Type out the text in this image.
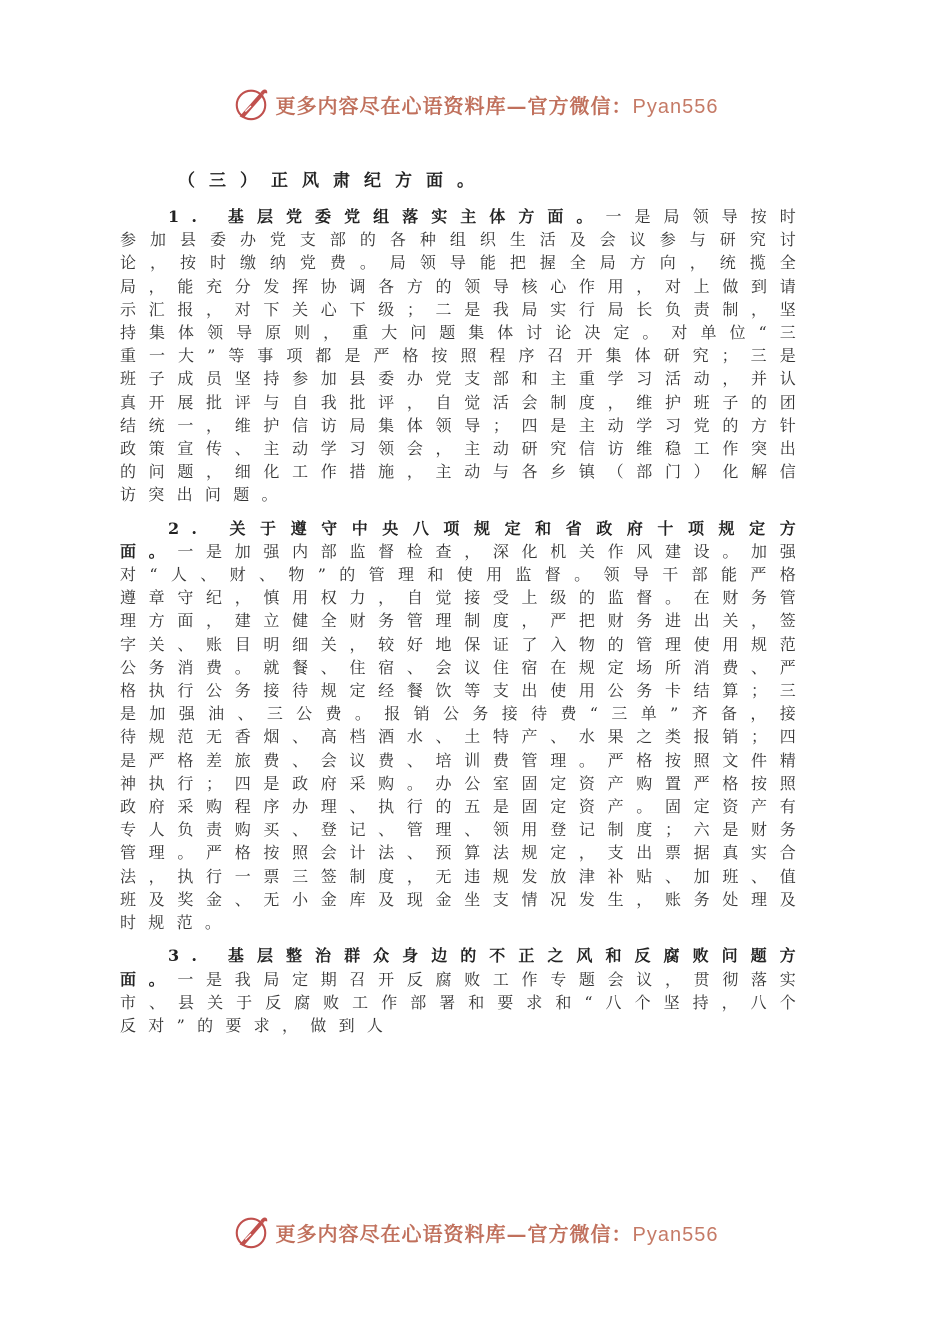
更多内容尽在心语资料库—官方微信：Pyan556
（三）正风肃纪方面。

1. 基层党委党组落实主体方面。一是局领导按时参加县委办党支部的各种组织生活及会议参与研究讨论，按时缴纳党费。局领导能把握全局方向，统揽全局，能充分发挥协调各方的领导核心作用，对上做到请示汇报，对下关心下级；二是我局实行局长负责制，坚持集体领导原则，重大问题集体讨论决定。对单位“三重一大”等事项都是严格按照程序召开集体研究；三是班子成员坚持参加县委办党支部和主重学习活动，并认真开展批评与自我批评，自觉活会制度，维护班子的团结统一，维护信访局集体领导；四是主动学习党的方针政策宣传、主动学习领会，主动研究信访维稳工作突出的问题，细化工作措施，主动与各乡镇（部门）化解信访突出问题。

2. 关于遵守中央八项规定和省政府十项规定方面。一是加强内部监督检查，深化机关作风建设。加强对“人、财、物”的管理和使用监督。领导干部能严格遵章守纪，慎用权力，自觉接受上级的监督。在财务管理方面，建立健全财务管理制度，严把财务进出关，签字关、账目明细关，较好地保证了入物的管理使用规范公务消费。就餐、住宿、会议住宿在规定场所消费、严格执行公务接待规定经餐饮等支出使用公务卡结算；三是加强油、三公费。报销公务接待费“三单”齐备，接待规范无香烟、高档酒水、土特产、水果之类报销；四是严格差旅费、会议费、培训费管理。严格按照文件精神执行；四是政府采购。办公室固定资产购置严格按照政府采购程序办理、执行的五是固定资产。固定资产有专人负责购买、登记、管理、领用登记制度；六是财务管理。严格按照会计法、预算法规定，支出票据真实合法，执行一票三签制度，无违规发放津补贴、加班、值班及奖金、无小金库及现金坐支情况发生，账务处理及时规范。

3. 基层整治群众身边的不正之风和反腐败问题方面。一是我局定期召开反腐败工作专题会议，贯彻落实市、县关于反腐败工作部署和要求和“八个坚持，八个反对”的要求，做到人

更多内容尽在心语资料库—官方微信：Pyan556
